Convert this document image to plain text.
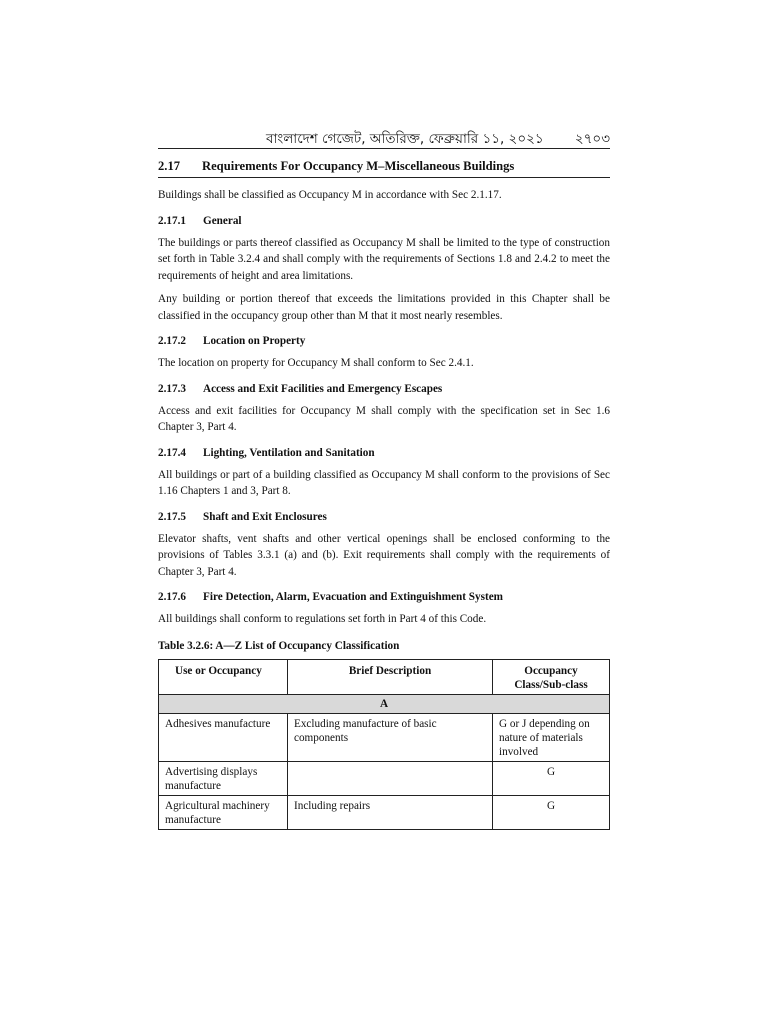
বাংলাদেশ গেজেট, অতিরিক্ত, ফেব্রুয়ারি ১১, ২০২১ ২৭০৩
2.17	Requirements For Occupancy M–Miscellaneous Buildings

Buildings shall be classified as Occupancy M in accordance with Sec 2.1.17.

2.17.1	General

The buildings or parts thereof classified as Occupancy M shall be limited to the type of construction set forth in Table 3.2.4 and shall comply with the requirements of Sections 1.8 and 2.4.2 to meet the requirements of height and area limitations.

Any building or portion thereof that exceeds the limitations provided in this Chapter shall be classified in the occupancy group other than M that it most nearly resembles.

2.17.2	Location on Property

The location on property for Occupancy M shall conform to Sec 2.4.1.

2.17.3	Access and Exit Facilities and Emergency Escapes

Access and exit facilities for Occupancy M shall comply with the specification set in Sec 1.6 Chapter 3, Part 4.

2.17.4	Lighting, Ventilation and Sanitation

All buildings or part of a building classified as Occupancy M shall conform to the provisions of Sec 1.16 Chapters 1 and 3, Part 8.

2.17.5	Shaft and Exit Enclosures

Elevator shafts, vent shafts and other vertical openings shall be enclosed conforming to the provisions of Tables 3.3.1 (a) and (b). Exit requirements shall comply with the requirements of Chapter 3, Part 4.

2.17.6	Fire Detection, Alarm, Evacuation and Extinguishment System

All buildings shall conform to regulations set forth in Part 4 of this Code.

Table 3.2.6: A—Z List of Occupancy Classification
Use or Occupancy	Brief Description	Occupancy Class/Sub-class
A		
Adhesives manufacture	Excluding manufacture of basic components	G or J depending on nature of materials involved
Advertising displays manufacture		G
Agricultural machinery manufacture	Including repairs	G
